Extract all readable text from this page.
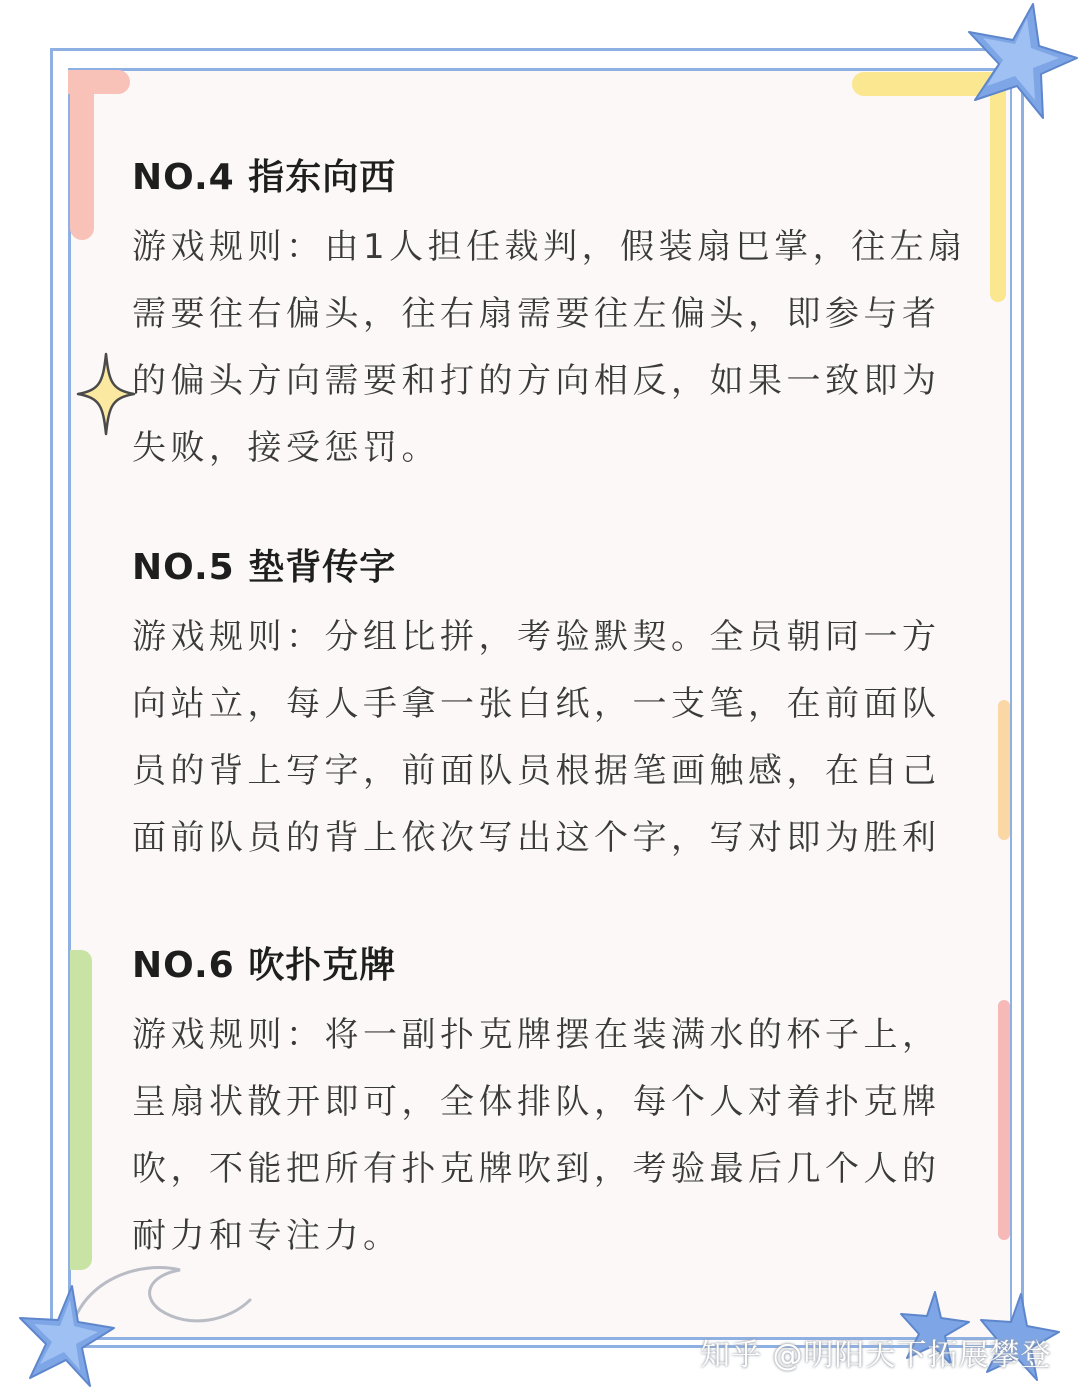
NO.4 指东向西
游戏规则：由1人担任裁判，假装扇巴掌，往左扇需要往右偏头，往右扇需要往左偏头，即参与者的偏头方向需要和打的方向相反，如果一致即为失败，接受惩罚。
NO.5 垫背传字
游戏规则：分组比拼，考验默契。全员朝同一方向站立，每人手拿一张白纸，一支笔，在前面队员的背上写字，前面队员根据笔画触感，在自己面前队员的背上依次写出这个字，写对即为胜利
NO.6 吹扑克牌
游戏规则：将一副扑克牌摆在装满水的杯子上，呈扇状散开即可，全体排队，每个人对着扑克牌吹，不能把所有扑克牌吹到，考验最后几个人的耐力和专注力。
知乎 @明阳天下拓展攀登
